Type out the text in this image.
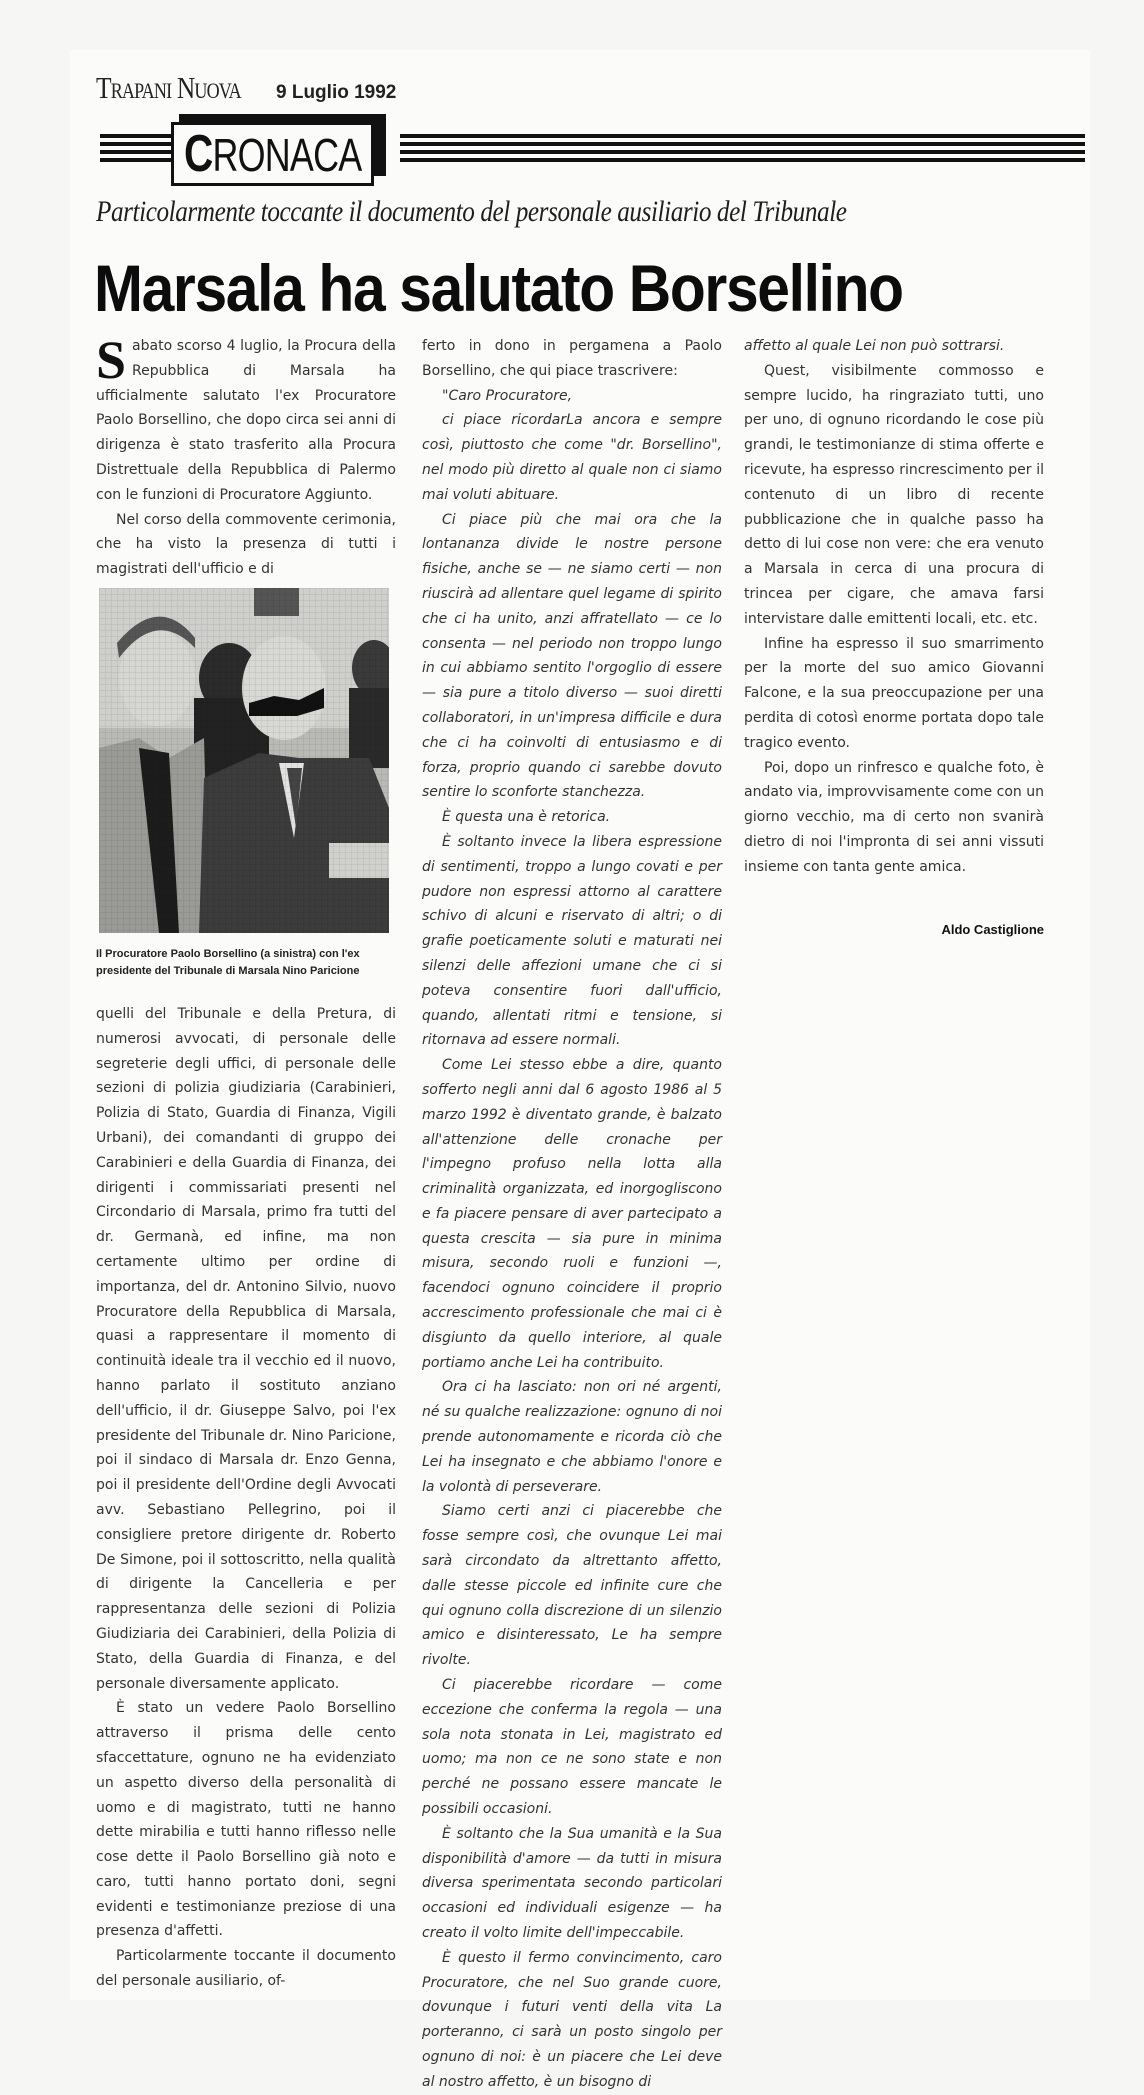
Trapani Nuova 9 Luglio 1992
CRONACA
Particolarmente toccante il documento del personale ausiliario del Tribunale
Marsala ha salutato Borsellino

Sabato scorso 4 luglio, la Procura della Repubblica di Marsala ha ufficialmente salutato l'ex Procuratore Paolo Borsellino, che dopo circa sei anni di dirigenza è stato trasferito alla Procura Distrettuale della Repubblica di Palermo con le funzioni di Procuratore Aggiunto.

Nel corso della commovente cerimonia, che ha visto la presenza di tutti i magistrati dell'ufficio e di

Il Procuratore Paolo Borsellino (a sinistra) con l'ex presidente del Tribunale di Marsala Nino Paricione

quelli del Tribunale e della Pretura, di numerosi avvocati, di personale delle segreterie degli uffici, di personale delle sezioni di polizia giudiziaria (Carabinieri, Polizia di Stato, Guardia di Finanza, Vigili Urbani), dei comandanti di gruppo dei Carabinieri e della Guardia di Finanza, dei dirigenti i commissariati presenti nel Circondario di Marsala, primo fra tutti del dr. Germanà, ed infine, ma non certamente ultimo per ordine di importanza, del dr. Antonino Silvio, nuovo Procuratore della Repubblica di Marsala, quasi a rappresentare il momento di continuità ideale tra il vecchio ed il nuovo, hanno parlato il sostituto anziano dell'ufficio, il dr. Giuseppe Salvo, poi l'ex presidente del Tribunale dr. Nino Paricione, poi il sindaco di Marsala dr. Enzo Genna, poi il presidente dell'Ordine degli Avvocati avv. Sebastiano Pellegrino, poi il consigliere pretore dirigente dr. Roberto De Simone, poi il sottoscritto, nella qualità di dirigente la Cancelleria e per rappresentanza delle sezioni di Polizia Giudiziaria dei Carabinieri, della Polizia di Stato, della Guardia di Finanza, e del personale diversamente applicato.

È stato un vedere Paolo Borsellino attraverso il prisma delle cento sfaccettature, ognuno ne ha evidenziato un aspetto diverso della personalità di uomo e di magistrato, tutti ne hanno dette mirabilia e tutti hanno riflesso nelle cose dette il Paolo Borsellino già noto e caro, tutti hanno portato doni, segni evidenti e testimonianze preziose di una presenza d'affetti.

Particolarmente toccante il documento del personale ausiliario, of-

ferto in dono in pergamena a Paolo Borsellino, che qui piace trascrivere:

"Caro Procuratore,

ci piace ricordarLa ancora e sempre così, piuttosto che come "dr. Borsellino", nel modo più diretto al quale non ci siamo mai voluti abituare.

Ci piace più che mai ora che la lontananza divide le nostre persone fisiche, anche se — ne siamo certi — non riuscirà ad allentare quel legame di spirito che ci ha unito, anzi affratellato — ce lo consenta — nel periodo non troppo lungo in cui abbiamo sentito l'orgoglio di essere — sia pure a titolo diverso — suoi diretti collaboratori, in un'impresa difficile e dura che ci ha coinvolti di entusiasmo e di forza, proprio quando ci sarebbe dovuto sentire lo sconforte stanchezza.

È questa una è retorica.

È soltanto invece la libera espressione di sentimenti, troppo a lungo covati e per pudore non espressi attorno al carattere schivo di alcuni e riservato di altri; o di grafie poeticamente soluti e maturati nei silenzi delle affezioni umane che ci si poteva consentire fuori dall'ufficio, quando, allentati ritmi e tensione, si ritornava ad essere normali.

Come Lei stesso ebbe a dire, quanto sofferto negli anni dal 6 agosto 1986 al 5 marzo 1992 è diventato grande, è balzato all'attenzione delle cronache per l'impegno profuso nella lotta alla criminalità organizzata, ed inorgogliscono e fa piacere pensare di aver partecipato a questa crescita — sia pure in minima misura, secondo ruoli e funzioni —, facendoci ognuno coincidere il proprio accrescimento professionale che mai ci è disgiunto da quello interiore, al quale portiamo anche Lei ha contribuito.

Ora ci ha lasciato: non ori né argenti, né su qualche realizzazione: ognuno di noi prende autonomamente e ricorda ciò che Lei ha insegnato e che abbiamo l'onore e la volontà di perseverare.

Siamo certi anzi ci piacerebbe che fosse sempre così, che ovunque Lei mai sarà circondato da altrettanto affetto, dalle stesse piccole ed infinite cure che qui ognuno colla discrezione di un silenzio amico e disinteressato, Le ha sempre rivolte.

Ci piacerebbe ricordare — come eccezione che conferma la regola — una sola nota stonata in Lei, magistrato ed uomo; ma non ce ne sono state e non perché ne possano essere mancate le possibili occasioni.

È soltanto che la Sua umanità e la Sua disponibilità d'amore — da tutti in misura diversa sperimentata secondo particolari occasioni ed individuali esigenze — ha creato il volto limite dell'impeccabile.

È questo il fermo convincimento, caro Procuratore, che nel Suo grande cuore, dovunque i futuri venti della vita La porteranno, ci sarà un posto singolo per ognuno di noi: è un piacere che Lei deve al nostro affetto, è un bisogno di

affetto al quale Lei non può sottrarsi.

Quest, visibilmente commosso e sempre lucido, ha ringraziato tutti, uno per uno, di ognuno ricordando le cose più grandi, le testimonianze di stima offerte e ricevute, ha espresso rincrescimento per il contenuto di un libro di recente pubblicazione che in qualche passo ha detto di lui cose non vere: che era venuto a Marsala in cerca di una procura di trincea per cigare, che amava farsi intervistare dalle emittenti locali, etc. etc.

Infine ha espresso il suo smarrimento per la morte del suo amico Giovanni Falcone, e la sua preoccupazione per una perdita di cotosì enorme portata dopo tale tragico evento.

Poi, dopo un rinfresco e qualche foto, è andato via, improvvisamente come con un giorno vecchio, ma di certo non svanirà dietro di noi l'impronta di sei anni vissuti insieme con tanta gente amica.

Aldo Castiglione
